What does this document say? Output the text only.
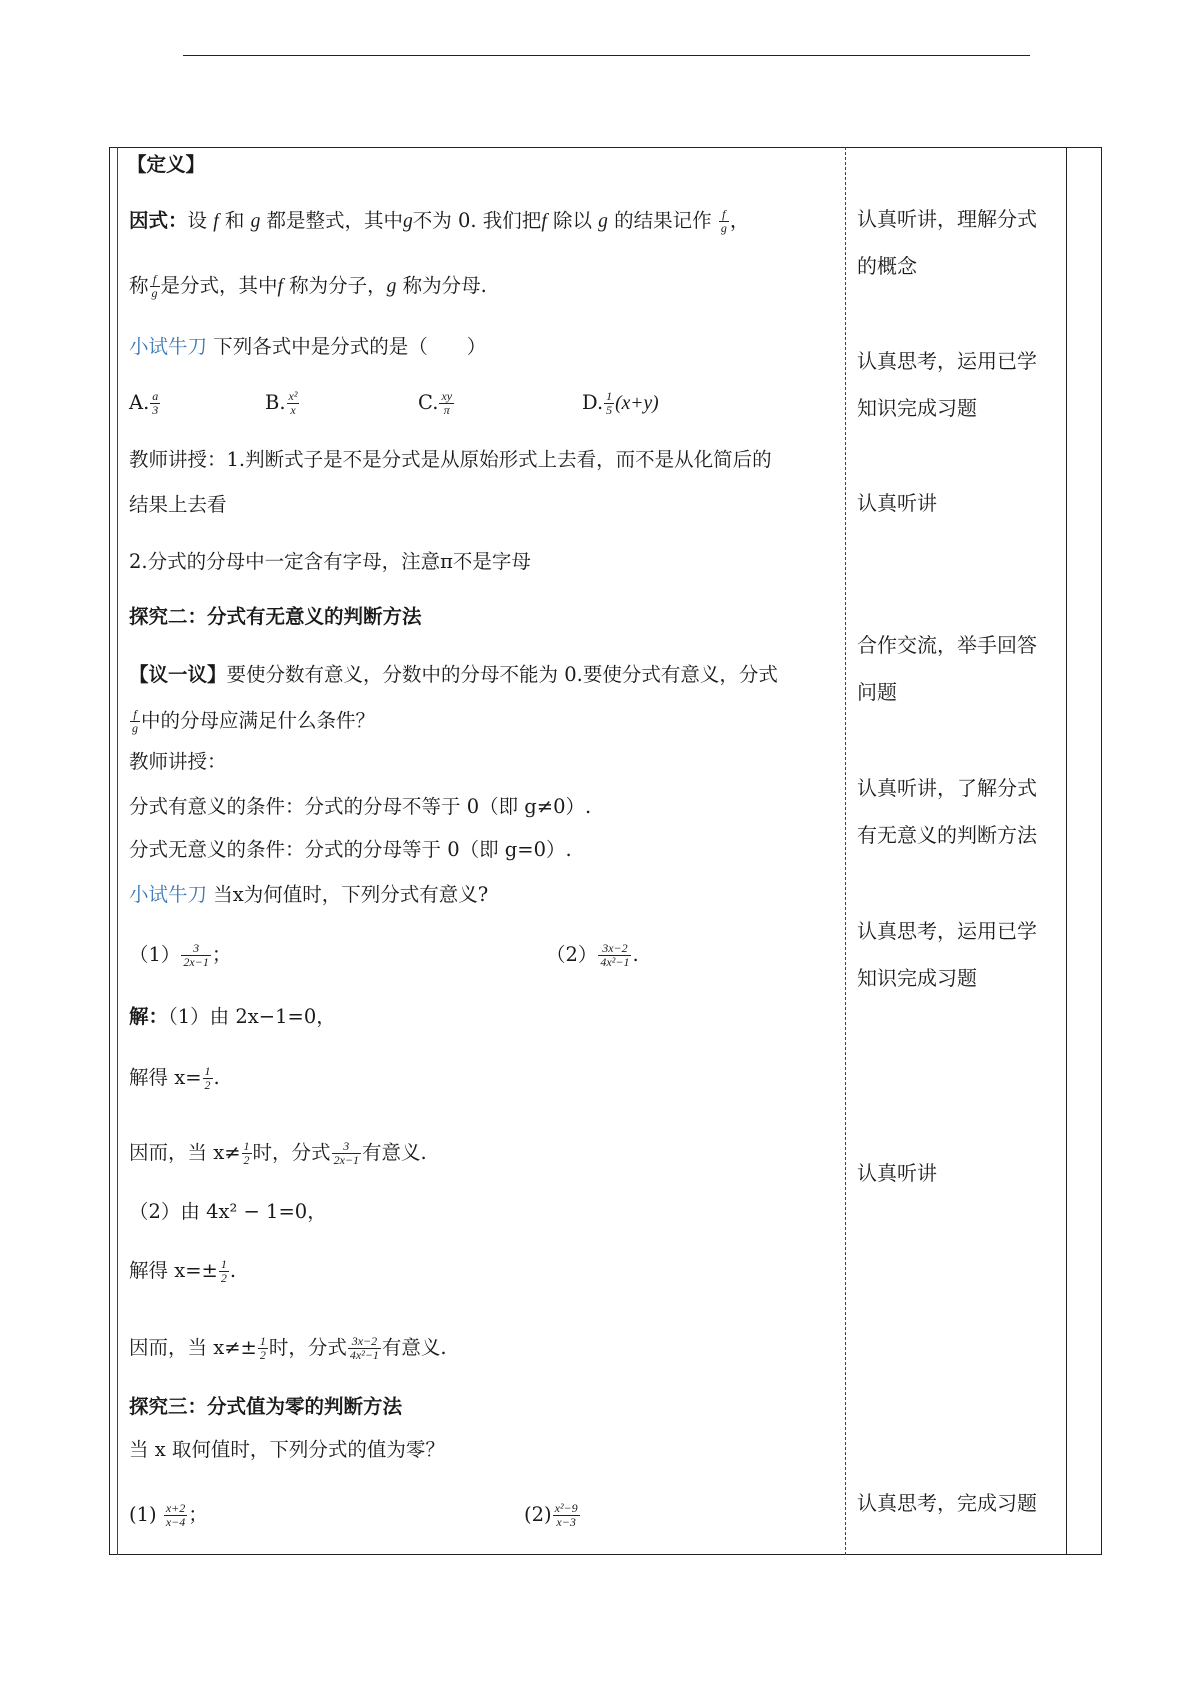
【定义】
因式：设 f 和 g 都是整式，其中g不为 0. 我们把f 除以 g 的结果记作 $\frac{f}{g}$ ，
称 $\frac{f}{g}$ 是分式，其中f 称为分子，g 称为分母.
小试牛刀 下列各式中是分式的是（　　）
A. $\frac{a}{3}$	B. $\frac{\text{x²}}{x}$	C. $\frac{xy}{\pi}$	D. $\frac{1}{5} (x+y)$
教师讲授：1.判断式子是不是分式是从原始形式上去看，而不是从化简后的
结果上去看
2.分式的分母中一定含有字母，注意π不是字母
探究二：分式有无意义的判断方法
【议一议】要使分数有意义，分数中的分母不能为 0.要使分式有意义，分式
$\frac{f}{g}$ 中的分母应满足什么条件？
教师讲授：
分式有意义的条件：分式的分母不等于 0（即 g≠0）.
分式无意义的条件：分式的分母等于 0（即 g=0）.
小试牛刀 当x为何值时，下列分式有意义?
$(1) \frac{3}{2x-1}$ ；	$(2) \frac{3x-2}{\text{4x²−1}}$ .
解：（1）由 2x−1=0，
解得 $x= \frac{1}{2}$ .
因而，当 $x\ne \frac{1}{2}$ 时，分式 $\frac{3}{2x-1}$ 有意义.
（2）由 4x² − 1=0，
解得 $x=\pm \frac{1}{2}$ .
因而，当 $x\ne\pm \frac{1}{2}$ 时，分式 $\frac{3x-2}{\text{4x²−1}}$ 有意义.
探究三：分式值为零的判断方法
当 x 取何值时，下列分式的值为零？
$(1) \frac{x+2}{x-4}$ ；	$(2) \frac{\text{x²−9}}{x-3}$
认真听讲，理解分式
的概念
认真思考，运用已学
知识完成习题
认真听讲
合作交流，举手回答
问题
认真听讲，了解分式
有无意义的判断方法
认真思考，运用已学
知识完成习题
认真听讲
认真思考，完成习题
